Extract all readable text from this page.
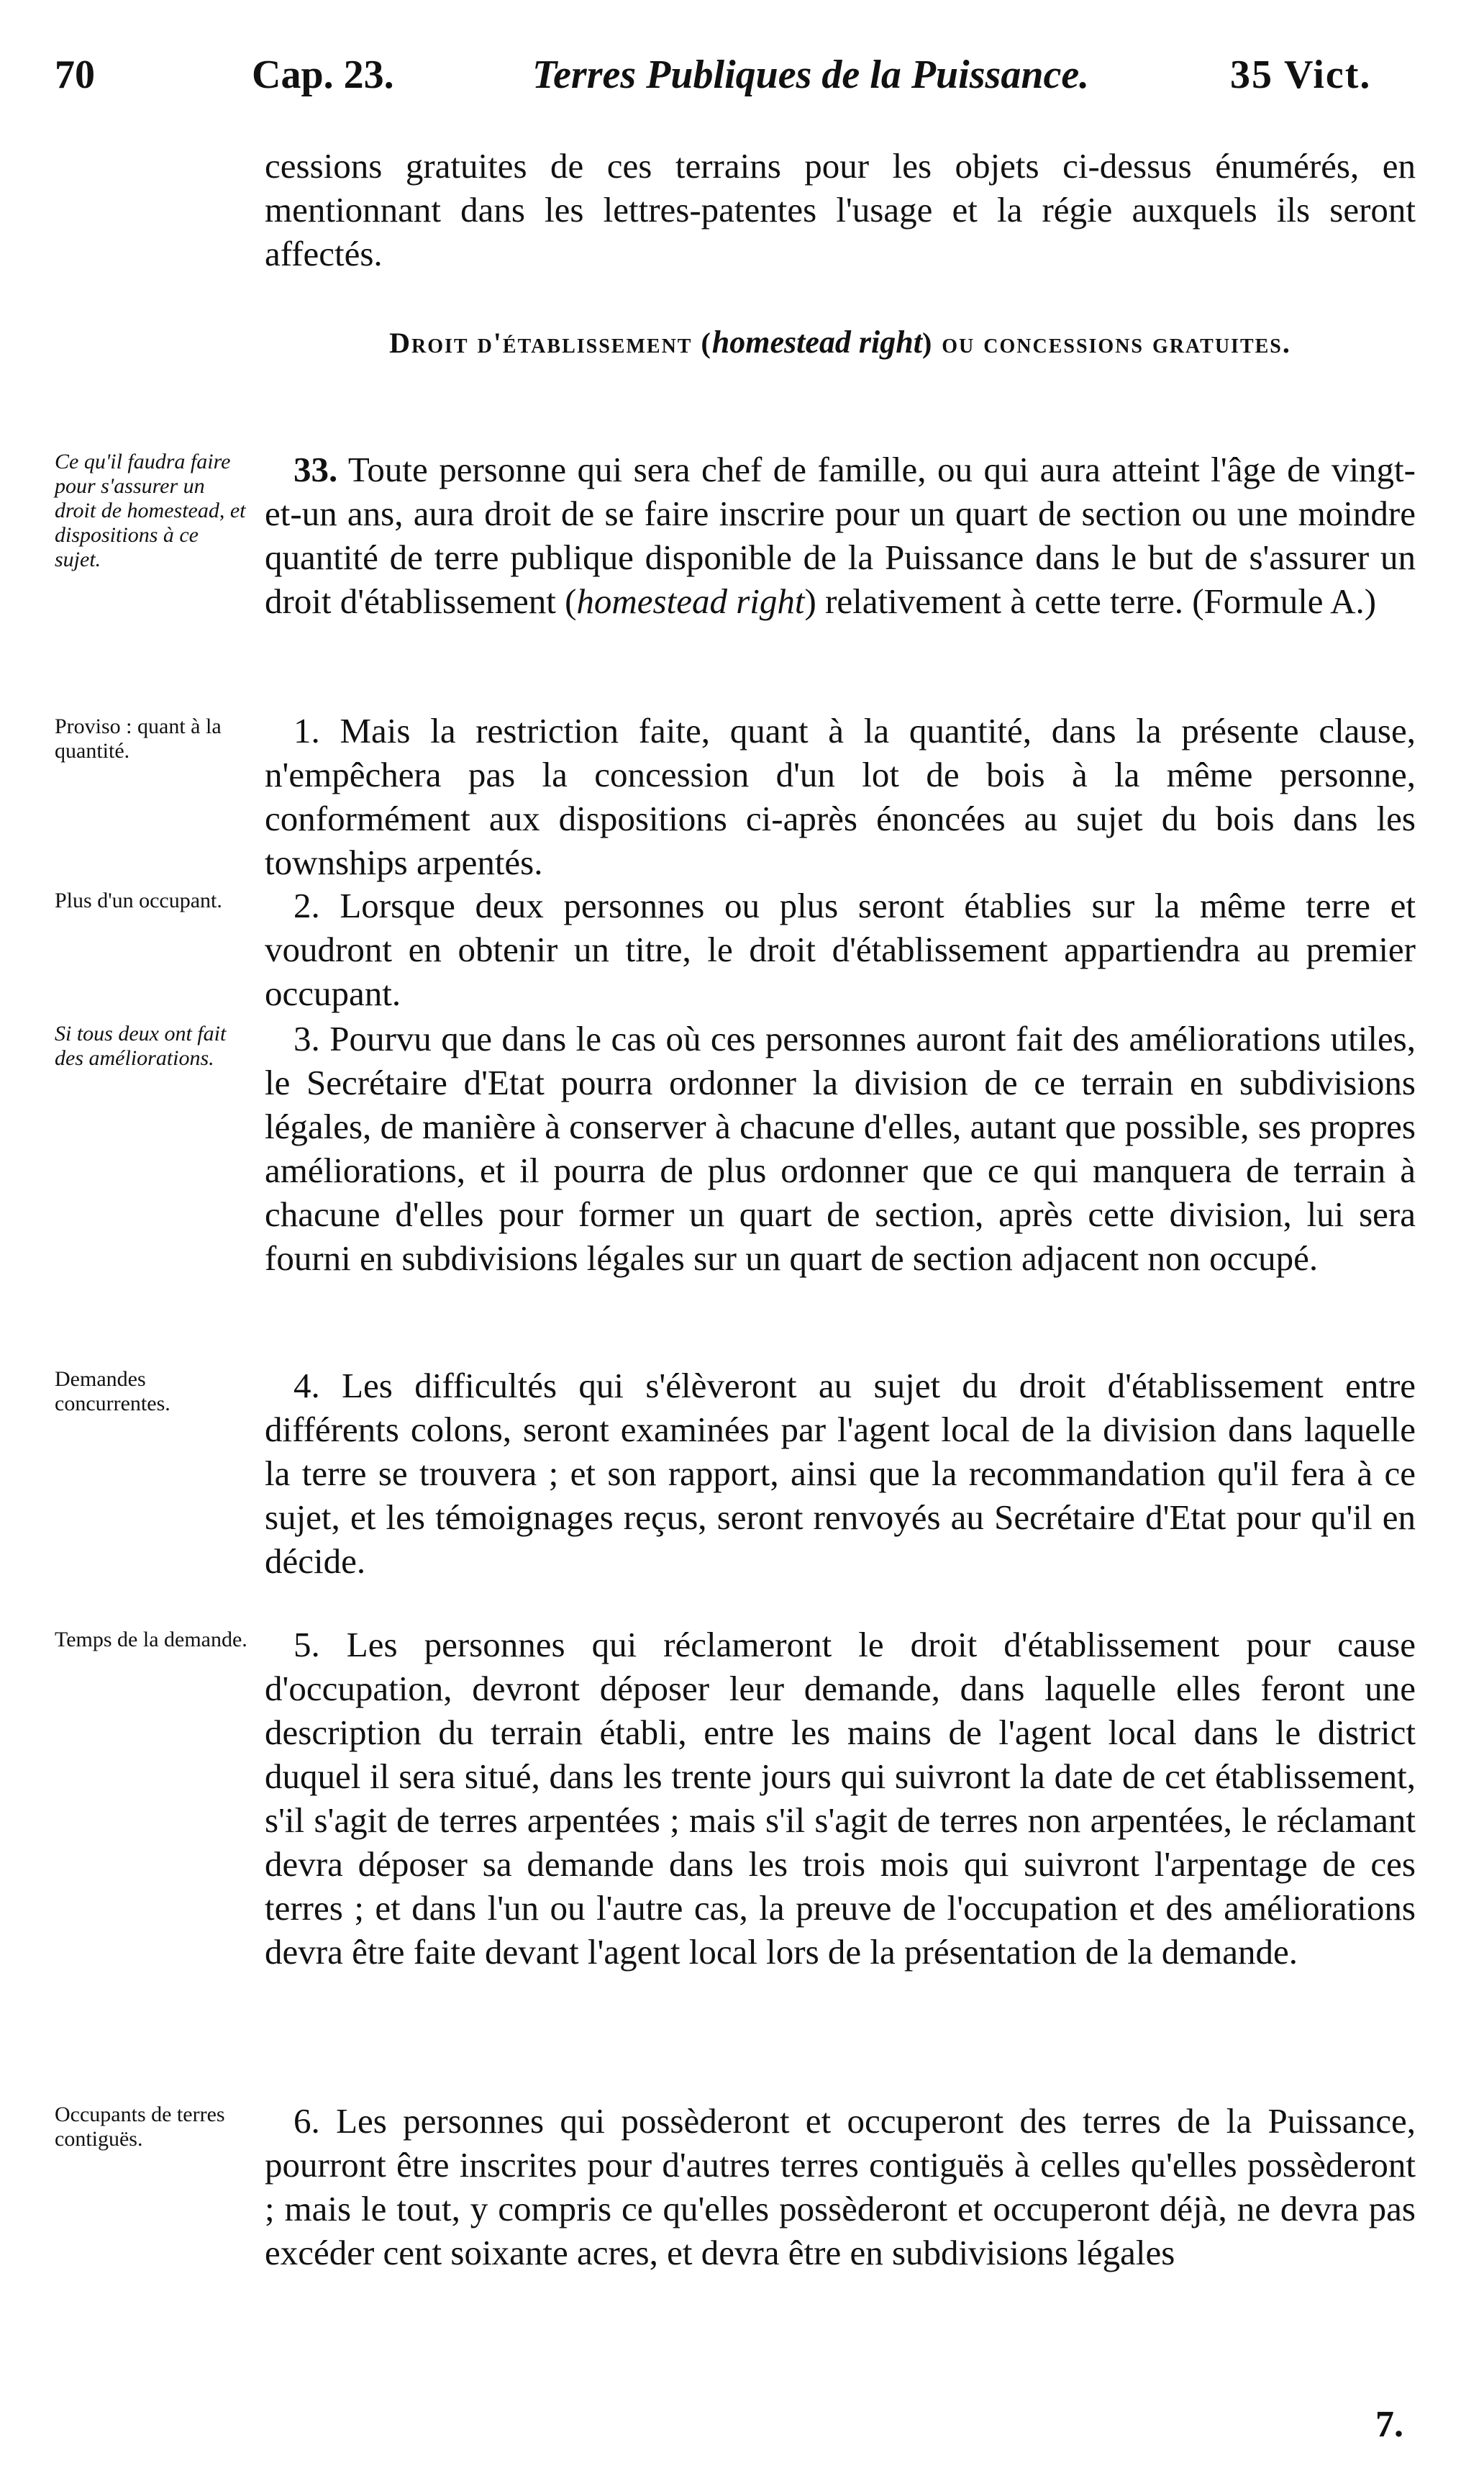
70	Cap. 23.	Terres Publiques de la Puissance.	35 Vict.

cessions gratuites de ces terrains pour les objets ci-dessus énumérés, en mentionnant dans les lettres-patentes l'usage et la régie auxquels ils seront affectés.

Droit d'établissement (homestead right) ou concessions gratuites.
Ce qu'il faudra faire pour s'assurer un droit de homestead, et dispositions à ce sujet.

33. Toute personne qui sera chef de famille, ou qui aura atteint l'âge de vingt-et-un ans, aura droit de se faire inscrire pour un quart de section ou une moindre quantité de terre publique disponible de la Puissance dans le but de s'assurer un droit d'établissement (homestead right) relativement à cette terre. (Formule A.)

Proviso : quant à la quantité.

1. Mais la restriction faite, quant à la quantité, dans la présente clause, n'empêchera pas la concession d'un lot de bois à la même personne, conformément aux dispositions ci-après énoncées au sujet du bois dans les townships arpentés.

Plus d'un occupant.	2. Lorsque deux personnes ou plus seront établies sur la même terre et voudront en obtenir un titre, le droit d'établissement appartiendra au premier occupant.

Si tous deux ont fait des améliorations.	3. Pourvu que dans le cas où ces personnes auront fait des améliorations utiles, le Secrétaire d'Etat pourra ordonner la division de ce terrain en subdivisions légales, de manière à conserver à chacune d'elles, autant que possible, ses propres améliorations, et il pourra de plus ordonner que ce qui manquera de terrain à chacune d'elles pour former un quart de section, après cette division, lui sera fourni en subdivisions légales sur un quart de section adjacent non occupé.

Demandes concurrentes.	4. Les difficultés qui s'élèveront au sujet du droit d'établissement entre différents colons, seront examinées par l'agent local de la division dans laquelle la terre se trouvera ; et son rapport, ainsi que la recommandation qu'il fera à ce sujet, et les témoignages reçus, seront renvoyés au Secrétaire d'Etat pour qu'il en décide.

Temps de la demande.	5. Les personnes qui réclameront le droit d'établissement pour cause d'occupation, devront déposer leur demande, dans laquelle elles feront une description du terrain établi, entre les mains de l'agent local dans le district duquel il sera situé, dans les trente jours qui suivront la date de cet établissement, s'il s'agit de terres arpentées ; mais s'il s'agit de terres non arpentées, le réclamant devra déposer sa demande dans les trois mois qui suivront l'arpentage de ces terres ; et dans l'un ou l'autre cas, la preuve de l'occupation et des améliorations devra être faite devant l'agent local lors de la présentation de la demande.

Occupants de terres contiguës.	6. Les personnes qui possèderont et occuperont des terres de la Puissance, pourront être inscrites pour d'autres terres contiguës à celles qu'elles possèderont ; mais le tout, y compris ce qu'elles possèderont et occuperont déjà, ne devra pas excéder cent soixante acres, et devra être en subdivisions légales

7.
